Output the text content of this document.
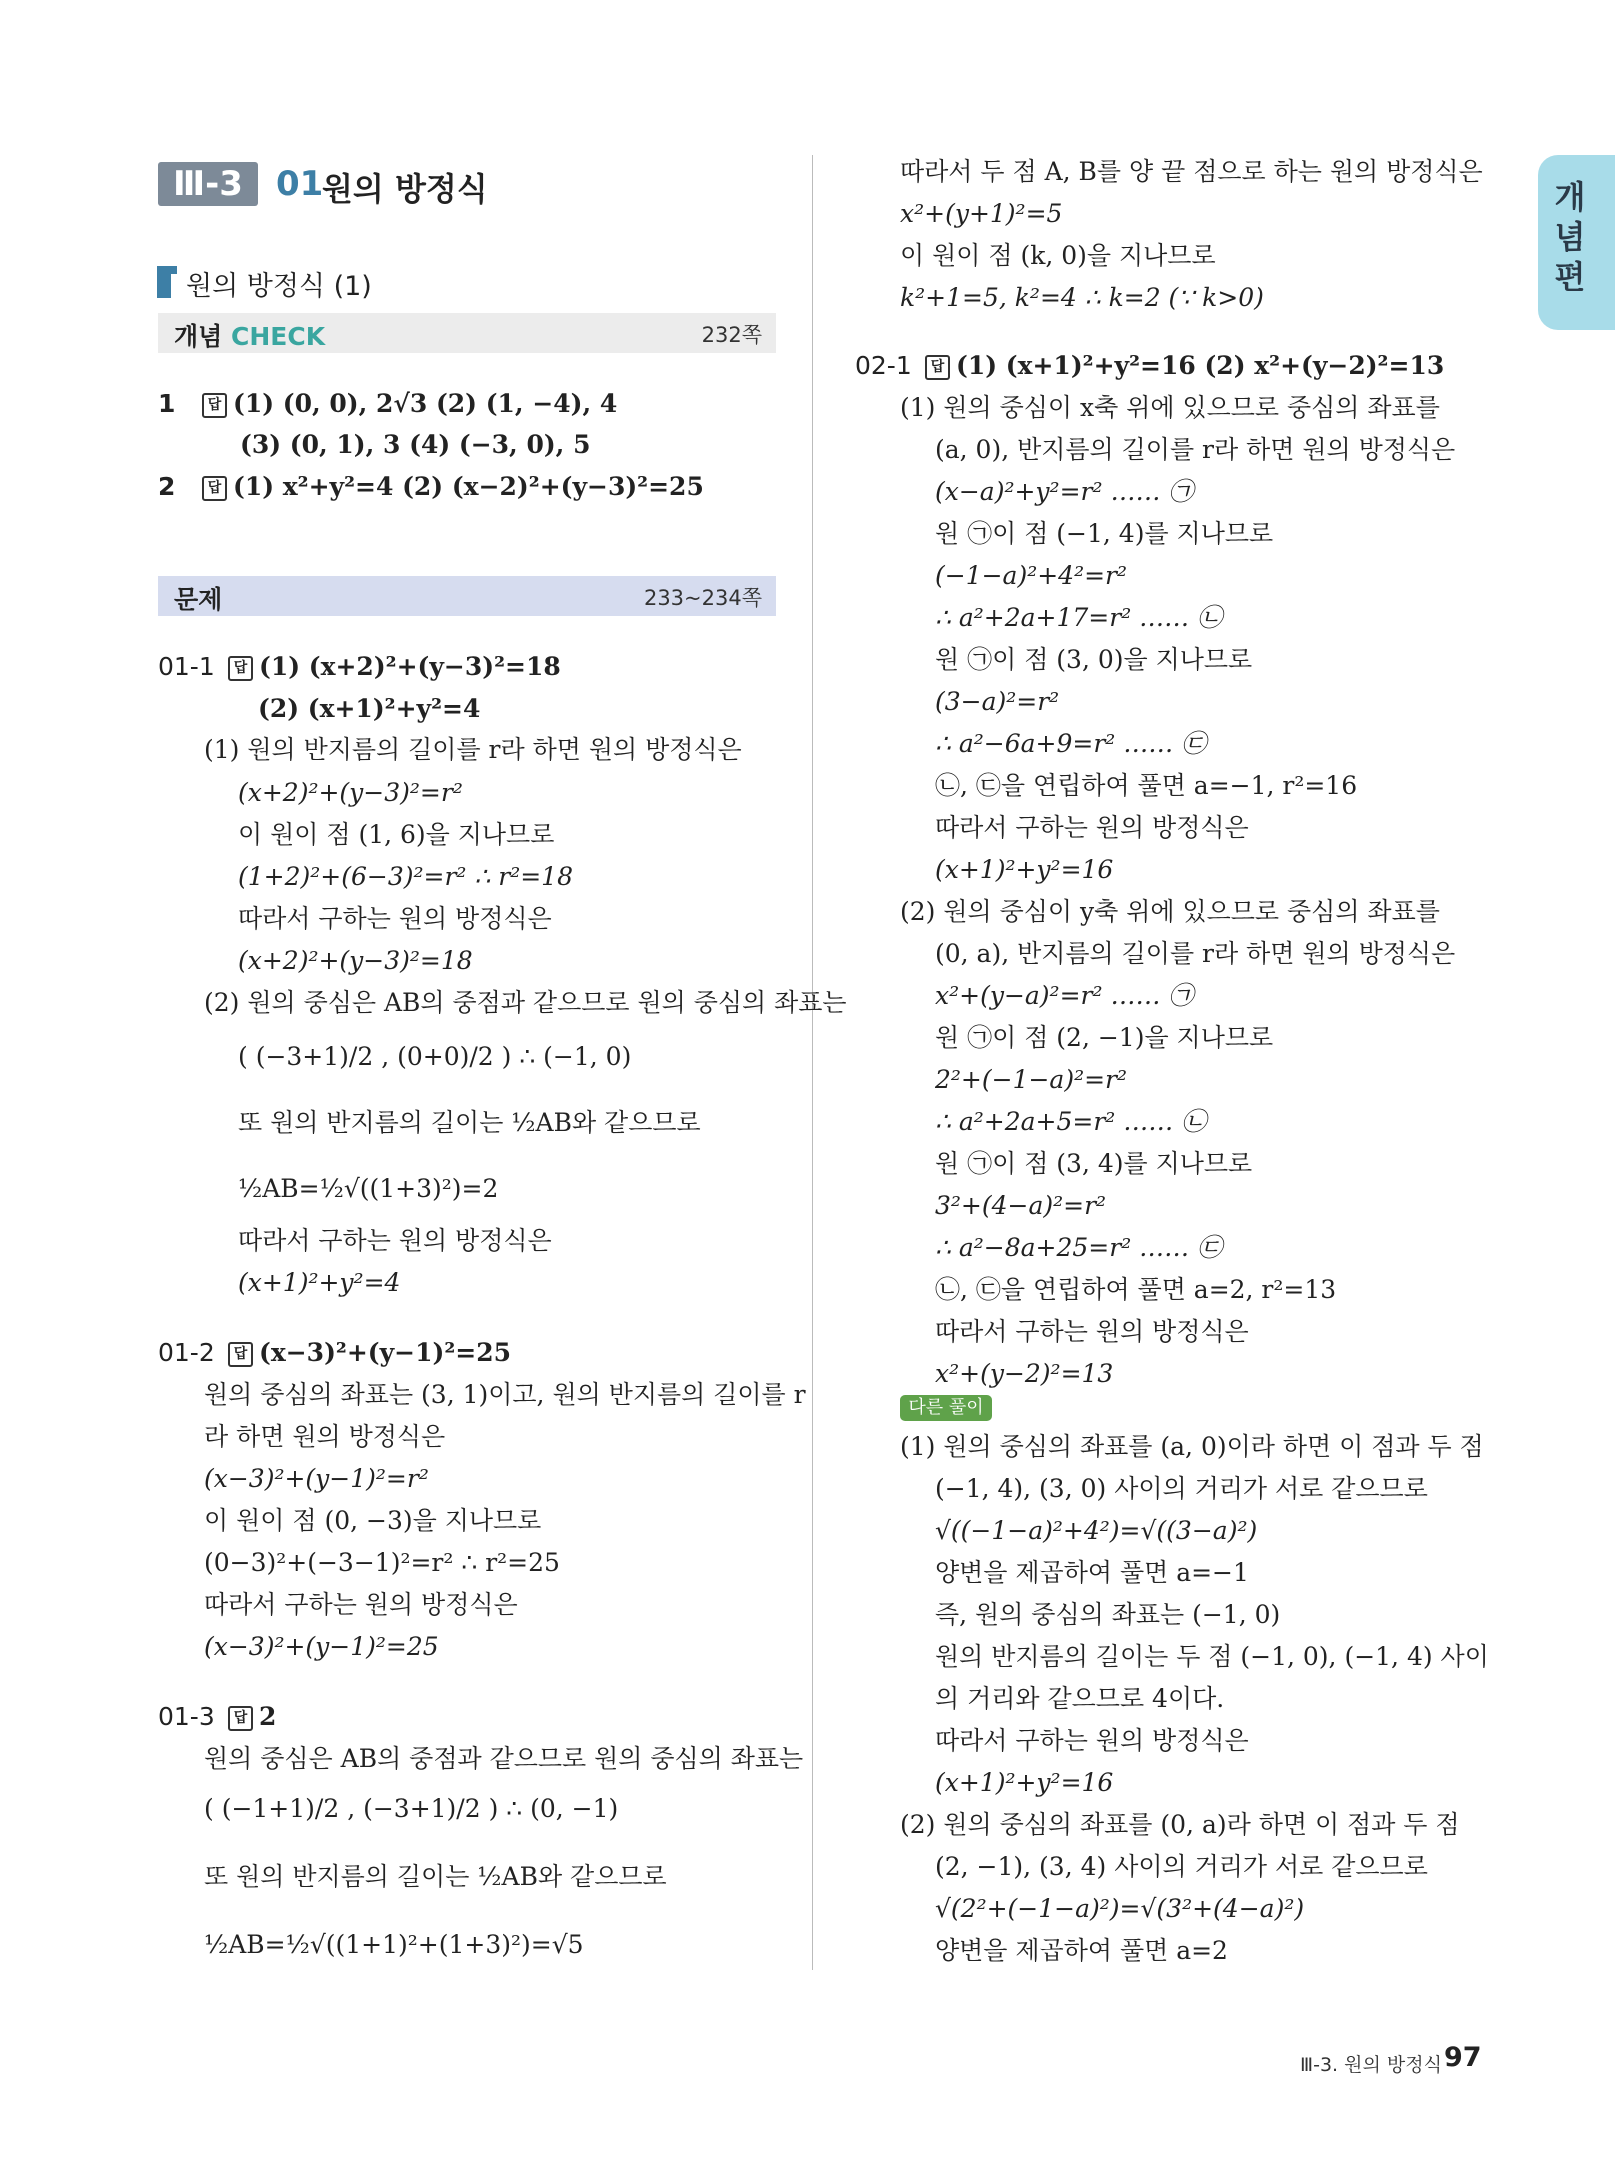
Ⅲ-3 01
원의 방정식
원의 방정식 (1)
개념 CHECK	232쪽
문제	233~234쪽
개
념
편
1	답 (1) (0, 0), 2√3 (2) (1, −4), 4
(3) (0, 1), 3 (4) (−3, 0), 5
2	답 (1) x²+y²=4 (2) (x−2)²+(y−3)²=25
01-1	답 (1) (x+2)²+(y−3)²=18
(2) (x+1)²+y²=4
(1) 원의 반지름의 길이를 r라 하면 원의 방정식은
(x+2)²+(y−3)²=r²
이 원이 점 (1, 6)을 지나므로
(1+2)²+(6−3)²=r² ∴ r²=18
따라서 구하는 원의 방정식은
(x+2)²+(y−3)²=18
(2) 원의 중심은 AB의 중점과 같으므로 원의 중심의 좌표는
( (−3+1)/2 , (0+0)/2 ) ∴ (−1, 0)
또 원의 반지름의 길이는 ½AB와 같으므로
½AB=½√((1+3)²)=2
따라서 구하는 원의 방정식은
(x+1)²+y²=4
01-2	답 (x−3)²+(y−1)²=25
원의 중심의 좌표는 (3, 1)이고, 원의 반지름의 길이를 r
라 하면 원의 방정식은
(x−3)²+(y−1)²=r²
이 원이 점 (0, −3)을 지나므로
(0−3)²+(−3−1)²=r² ∴ r²=25
따라서 구하는 원의 방정식은
(x−3)²+(y−1)²=25
01-3	답 2
원의 중심은 AB의 중점과 같으므로 원의 중심의 좌표는
( (−1+1)/2 , (−3+1)/2 ) ∴ (0, −1)
또 원의 반지름의 길이는 ½AB와 같으므로
½AB=½√((1+1)²+(1+3)²)=√5
따라서 두 점 A, B를 양 끝 점으로 하는 원의 방정식은
x²+(y+1)²=5
이 원이 점 (k, 0)을 지나므로
k²+1=5, k²=4 ∴ k=2 (∵ k>0)
02-1	답 (1) (x+1)²+y²=16 (2) x²+(y−2)²=13
(1) 원의 중심이 x축 위에 있으므로 중심의 좌표를
(a, 0), 반지름의 길이를 r라 하면 원의 방정식은
(x−a)²+y²=r² …… ㉠
원 ㉠이 점 (−1, 4)를 지나므로
(−1−a)²+4²=r²
∴ a²+2a+17=r² …… ㉡
원 ㉠이 점 (3, 0)을 지나므로
(3−a)²=r²
∴ a²−6a+9=r² …… ㉢
㉡, ㉢을 연립하여 풀면 a=−1, r²=16
따라서 구하는 원의 방정식은
(x+1)²+y²=16
(2) 원의 중심이 y축 위에 있으므로 중심의 좌표를
(0, a), 반지름의 길이를 r라 하면 원의 방정식은
x²+(y−a)²=r² …… ㉠
원 ㉠이 점 (2, −1)을 지나므로
2²+(−1−a)²=r²
∴ a²+2a+5=r² …… ㉡
원 ㉠이 점 (3, 4)를 지나므로
3²+(4−a)²=r²
∴ a²−8a+25=r² …… ㉢
㉡, ㉢을 연립하여 풀면 a=2, r²=13
따라서 구하는 원의 방정식은
x²+(y−2)²=13
다른 풀이
(1) 원의 중심의 좌표를 (a, 0)이라 하면 이 점과 두 점
(−1, 4), (3, 0) 사이의 거리가 서로 같으므로
√((−1−a)²+4²)=√((3−a)²)
양변을 제곱하여 풀면 a=−1
즉, 원의 중심의 좌표는 (−1, 0)
원의 반지름의 길이는 두 점 (−1, 0), (−1, 4) 사이
의 거리와 같으므로 4이다.
따라서 구하는 원의 방정식은
(x+1)²+y²=16
(2) 원의 중심의 좌표를 (0, a)라 하면 이 점과 두 점
(2, −1), (3, 4) 사이의 거리가 서로 같으므로
√(2²+(−1−a)²)=√(3²+(4−a)²)
양변을 제곱하여 풀면 a=2
Ⅲ-3. 원의 방정식 97
